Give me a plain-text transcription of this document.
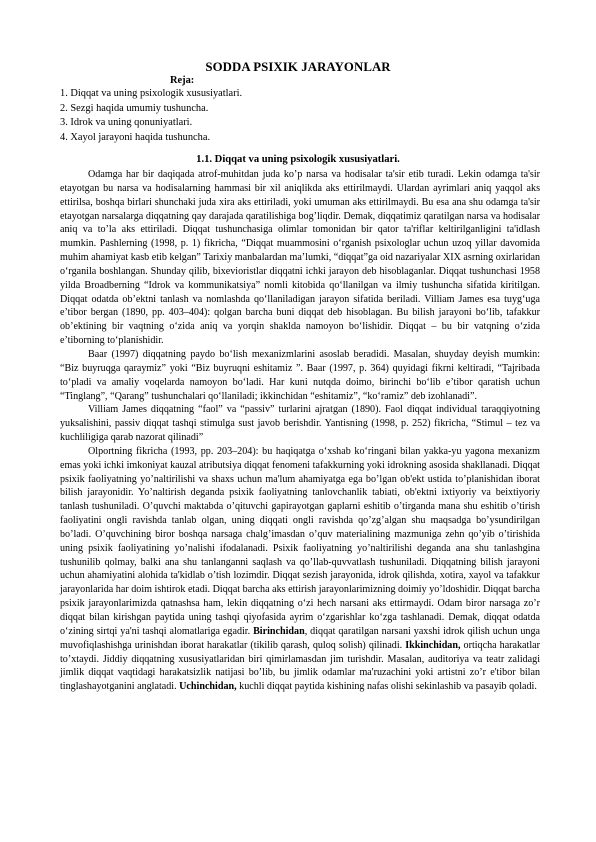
SODDA PSIXIK JARAYONLAR
Reja:
1. Diqqat va uning psixologik xususiyatlari.
2. Sezgi haqida umumiy tushuncha.
3. Idrok va uning qonuniyatlari.
4. Xayol jarayoni haqida tushuncha.
1.1. Diqqat va uning psixologik xususiyatlari.

Odamga har bir daqiqada atrof-muhitdan juda ko’p narsa va hodisalar ta'sir etib turadi. Lekin odamga ta'sir etayotgan bu narsa va hodisalarning hammasi bir xil aniqlikda aks ettirilmaydi. Ulardan ayrimlari aniq yaqqol aks ettirilsa, boshqa birlari shunchaki juda xira aks ettiriladi, yoki umuman aks ettirilmaydi. Bu esa ana shu odamga ta'sir etayotgan narsalarga diqqatning qay darajada qaratilishiga bog’liqdir. Demak, diqqatimiz qaratilgan narsa va hodisalar aniq va to’la aks ettiriladi. Diqqat tushunchasiga olimlar tomonidan bir qator ta'riflar keltirilganligini ta'idlash mumkin. Pashlerning (1998, p. 1) fikricha, “Diqqat muammosini o‘rganish psixologlar uchun uzoq yillar davomida muhim ahamiyat kasb etib kelgan” Tarixiy manbalardan ma’lumki, “diqqat”ga oid nazariyalar XIX asrning oxirlaridan o‘rganila boshlangan. Shunday qilib, bixevioristlar diqqatni ichki jarayon deb hisoblaganlar. Diqqat tushunchasi 1958 yilda Broadberning “Idrok va kommunikatsiya” nomli kitobida qo‘llanilgan va ilmiy tushuncha sifatida kiritilgan. Diqqat odatda ob’ektni tanlash va nomlashda qo‘llaniladigan jarayon sifatida beriladi. Villiam James esa tuyg‘uga e’tibor bergan (1890, pp. 403–404): qolgan barcha buni diqqat deb hisoblagan. Bu bilish jarayoni bo‘lib, tafakkur ob’ektining bir vaqtning o‘zida aniq va yorqin shaklda namoyon bo‘lishidir. Diqqat – bu bir vatqning o‘zida e’tiborning to‘planishidir.

Baar (1997) diqqatning paydo bo‘lish mexanizmlarini asoslab beradidi. Masalan, shuyday deyish mumkin: “Biz buyruqga qaraymiz” yoki “Biz buyruqni eshitamiz ”. Baar (1997, p. 364) quyidagi fikrni keltiradi, “Tajribada to‘pladi va amaliy voqelarda namoyon bo‘ladi. Har kuni nutqda doimo, birinchi bo‘lib e’tibor qaratish uchun “Tinglang”, “Qarang” tushunchalari qo‘llaniladi; ikkinchidan “eshitamiz”, “ko‘ramiz” deb izohlanadi”.

Villiam James diqqatning “faol” va “passiv” turlarini ajratgan (1890). Faol diqqat individual taraqqiyotning yuksalishini, passiv diqqat tashqi stimulga sust javob berishdir. Yantisning (1998, p. 252) fikricha, “Stimul – tez va kuchliligiga qarab nazorat qilinadi”

Olportning fikricha (1993, pp. 203–204): bu haqiqatga o‘xshab ko‘ringani bilan yakka-yu yagona mexanizm emas yoki ichki imkoniyat kauzal atributsiya diqqat fenomeni tafakkurning yoki idrokning asosida shakllanadi. Diqqat psixik faoliyatning yo’naltirilishi va shaxs uchun ma'lum ahamiyatga ega bo’lgan ob'ekt ustida to’planishidan iborat bilish jarayonidir. Yo’naltirish deganda psixik faoliyatning tanlovchanlik tabiati, ob'ektni ixtiyoriy va beixtiyoriy tanlash tushuniladi. O’quvchi maktabda o’qituvchi gapirayotgan gaplarni eshitib o’tirganda mana shu eshitib o’tirish faoliyatini ongli ravishda tanlab olgan, uning diqqati ongli ravishda qo’zg’algan shu maqsadga bo’ysundirilgan bo’ladi. O’quvchining biror boshqa narsaga chalg’imasdan o’quv materialining mazmuniga zehn qo’yib o’tirishida uning psixik faoliyatining yo’nalishi ifodalanadi. Psixik faoliyatning yo’naltirilishi deganda ana shu tanlashgina tushunilib qolmay, balki ana shu tanlanganni saqlash va qo’llab-quvvatlash tushuniladi. Diqqatning bilish jarayoni uchun ahamiyatini alohida ta'kidlab o’tish lozimdir. Diqqat sezish jarayonida, idrok qilishda, xotira, xayol va tafakkur jarayonlarida har doim ishtirok etadi. Diqqat barcha aks ettirish jarayonlarimizning doimiy yo’ldoshidir. Diqqat barcha psixik jarayonlarimizda qatnashsa ham, lekin diqqatning o‘zi hech narsani aks ettirmaydi. Odam biror narsaga zo’r diqqat bilan kirishgan paytida uning tashqi qiyofasida ayrim o‘zgarishlar ko‘zga tashlanadi. Demak, diqqat odatda o‘zining sirtqi ya'ni tashqi alomatlariga egadir. Birinchidan, diqqat qaratilgan narsani yaxshi idrok qilish uchun unga muvofiqlashishga urinishdan iborat harakatlar (tikilib qarash, quloq solish) qilinadi. Ikkinchidan, ortiqcha harakatlar to’xtaydi. Jiddiy diqqatning xususiyatlaridan biri qimirlamasdan jim turishdir. Masalan, auditoriya va teatr zalidagi jimlik diqqat vaqtidagi harakatsizlik natijasi bo’lib, bu jimlik odamlar ma'ruzachini yoki artistni zo’r e'tibor bilan tinglashayotganini anglatadi. Uchinchidan, kuchli diqqat paytida kishining nafas olishi sekinlashib va pasayib qoladi.
